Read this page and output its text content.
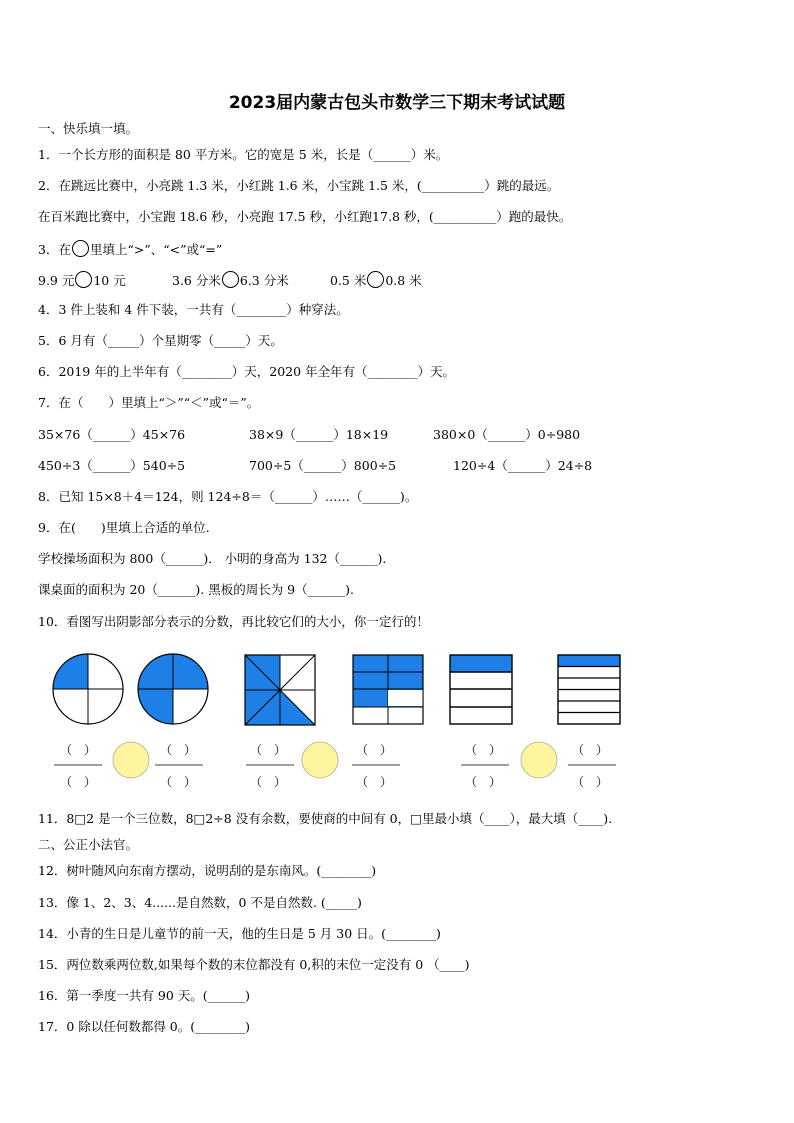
2023届内蒙古包头市数学三下期末考试试题
一、快乐填一填。
1．一个长方形的面积是 80 平方米。它的宽是 5 米，长是（______）米。
2．在跳远比赛中，小亮跳 1.3 米，小红跳 1.6 米，小宝跳 1.5 米，(__________）跳的最远。
在百米跑比赛中，小宝跑 18.6 秒，小亮跑 17.5 秒，小红跑17.8 秒，(__________）跑的最快。
3．在 里填上“>”、“<”或“=”
9.9 元 10 元	3.6 分米 6.3 分米	0.5 米 0.8 米
4．3 件上装和 4 件下装，一共有（________）种穿法。
5．6 月有（_____）个星期零（_____）天。
6．2019 年的上半年有（________）天，2020 年全年有（________）天。
7．在（　　）里填上“＞”“＜”或“＝”。
35×76（______）45×76	38×9（______）18×19	380×0（______）0÷980
450÷3（______）540÷5	700÷5（______）800÷5	120÷4（______）24÷8
8．已知 15×8＋4＝124，则 124÷8＝（______）……（______)。
9．在(　　)里填上合适的单位.
学校操场面积为 800（______)． 小明的身高为 132（______).
课桌面的面积为 20（______). 黑板的周长为 9（______).
10．看图写出阴影部分表示的分数，再比较它们的大小，你一定行的！
（　）
（　）
（　）
（　）
（　）
（　）
（　）
（　）
（　）
（　）
（　）
（　）
11．8□2 是一个三位数，8□2÷8 没有余数，要使商的中间有 0，□里最小填（____），最大填（____).
二、公正小法官。
12．树叶随风向东南方摆动，说明刮的是东南风。(________)
13．像 1、2、3、4......是自然数，0 不是自然数. (_____)
14．小青的生日是儿童节的前一天，他的生日是 5 月 30 日。(________)
15．两位数乘两位数,如果每个数的末位都没有 0,积的末位一定没有 0 （____)
16．第一季度一共有 90 天。(______)
17．0 除以任何数都得 0。(________)
